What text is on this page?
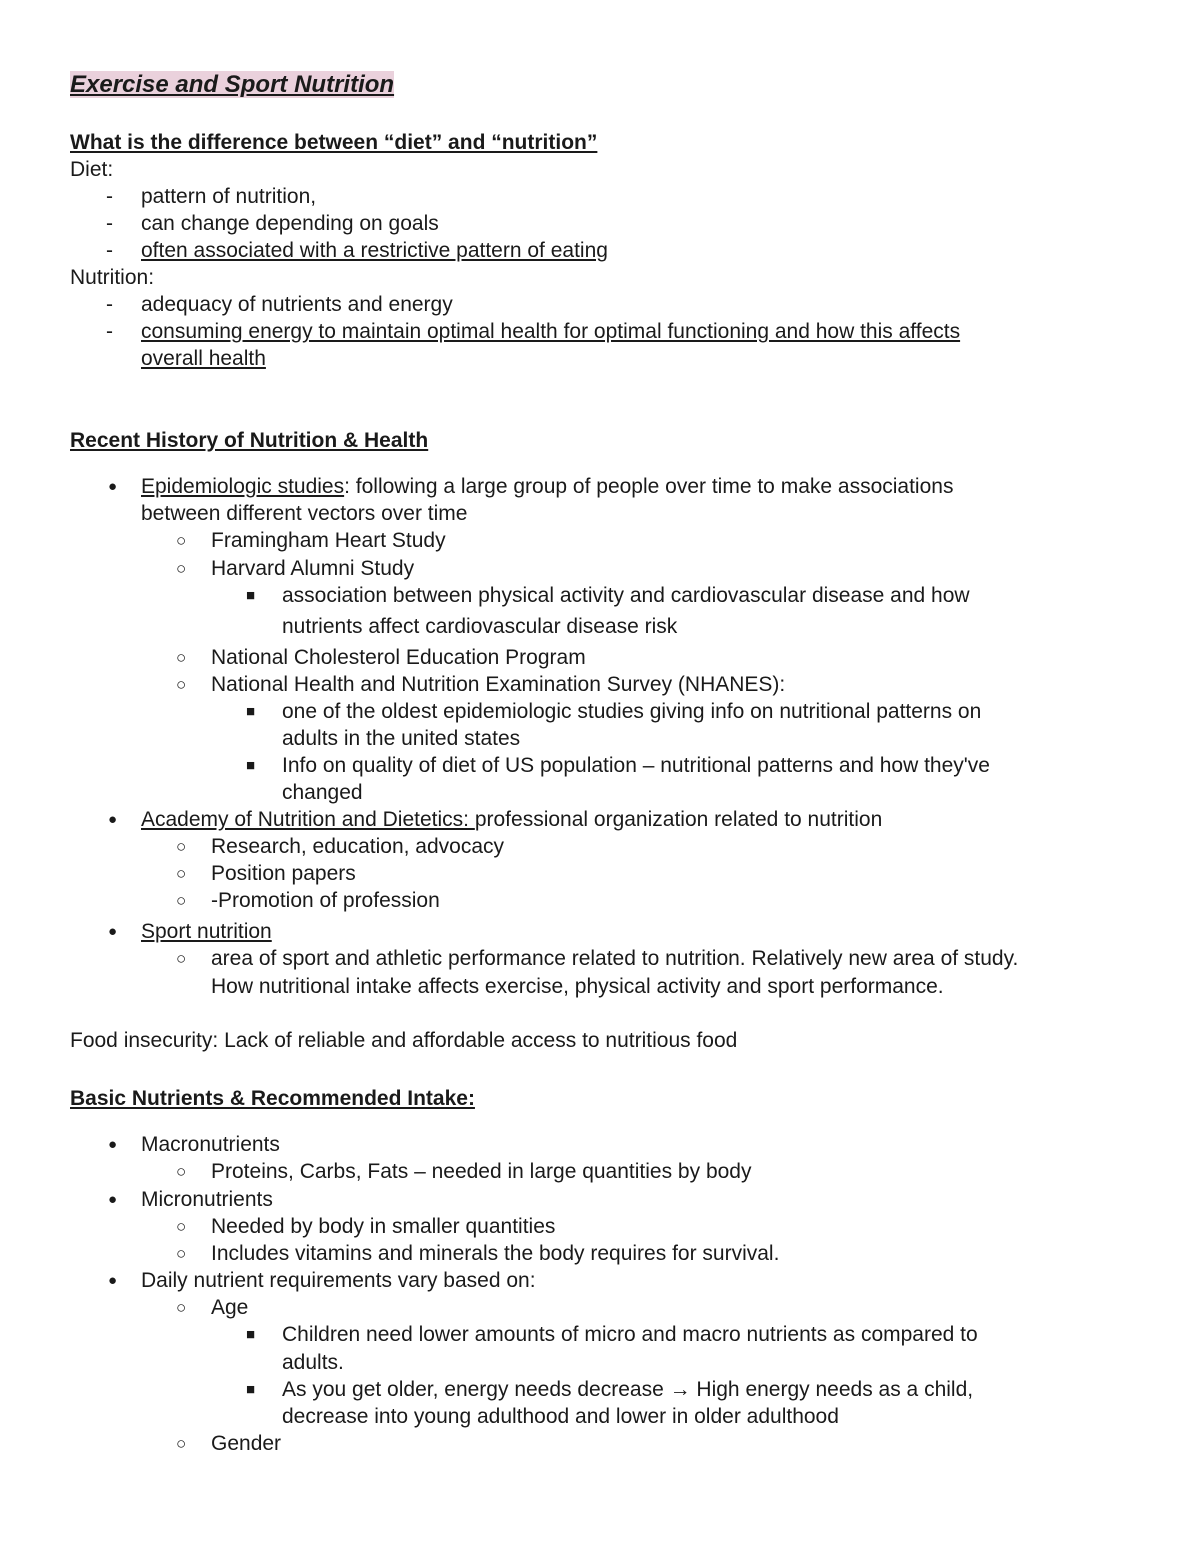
Exercise and Sport Nutrition
What is the difference between “diet” and “nutrition”
Diet:
- pattern of nutrition,
- can change depending on goals
- often associated with a restrictive pattern of eating
Nutrition:
- adequacy of nutrients and energy
- consuming energy to maintain optimal health for optimal functioning and how this affects
overall health
Recent History of Nutrition & Health
● Epidemiologic studies: following a large group of people over time to make associations
between different vectors over time
○ Framingham Heart Study
○ Harvard Alumni Study
■ association between physical activity and cardiovascular disease and how
nutrients affect cardiovascular disease risk
○ National Cholesterol Education Program
○ National Health and Nutrition Examination Survey (NHANES):
■ one of the oldest epidemiologic studies giving info on nutritional patterns on
adults in the united states
■ Info on quality of diet of US population – nutritional patterns and how they've
changed
● Academy of Nutrition and Dietetics: professional organization related to nutrition
○ Research, education, advocacy
○ Position papers
○ -Promotion of profession
● Sport nutrition
○ area of sport and athletic performance related to nutrition. Relatively new area of study.
How nutritional intake affects exercise, physical activity and sport performance.
Food insecurity: Lack of reliable and affordable access to nutritious food
Basic Nutrients & Recommended Intake:
● Macronutrients
○ Proteins, Carbs, Fats – needed in large quantities by body
● Micronutrients
○ Needed by body in smaller quantities
○ Includes vitamins and minerals the body requires for survival.
● Daily nutrient requirements vary based on:
○ Age
■ Children need lower amounts of micro and macro nutrients as compared to
adults.
■ As you get older, energy needs decrease → High energy needs as a child,
decrease into young adulthood and lower in older adulthood
○ Gender
